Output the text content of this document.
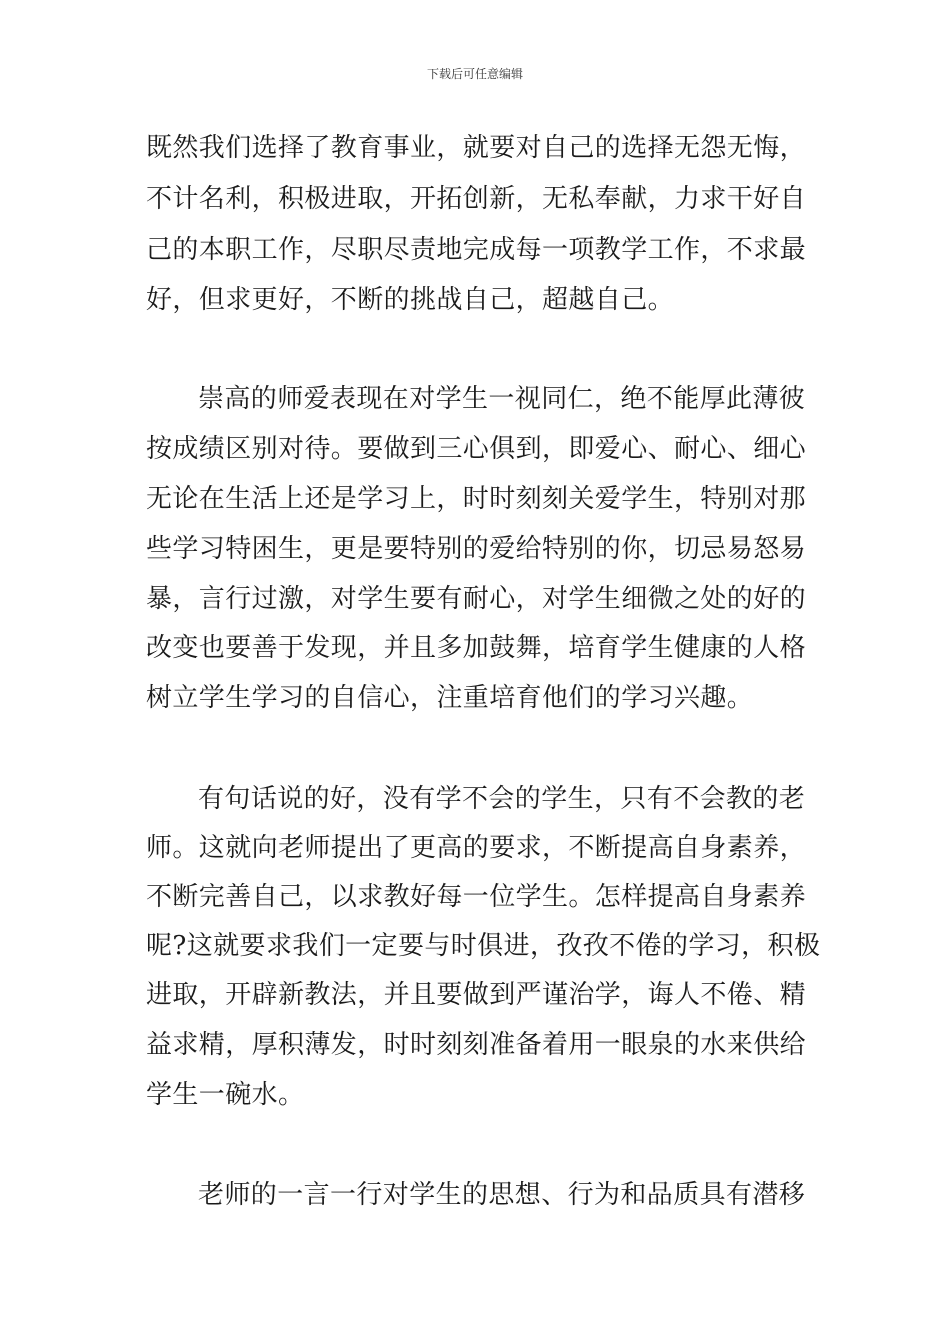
下载后可任意编辑
既然我们选择了教育事业，就要对自己的选择无怨无悔，
不计名利，积极进取，开拓创新，无私奉献，力求干好自
己的本职工作，尽职尽责地完成每一项教学工作，不求最
好，但求更好，不断的挑战自己，超越自己。
崇高的师爱表现在对学生一视同仁，绝不能厚此薄彼
按成绩区别对待。要做到三心俱到，即爱心、耐心、细心
无论在生活上还是学习上，时时刻刻关爱学生，特别对那
些学习特困生，更是要特别的爱给特别的你，切忌易怒易
暴，言行过激，对学生要有耐心，对学生细微之处的好的
改变也要善于发现，并且多加鼓舞，培育学生健康的人格
树立学生学习的自信心，注重培育他们的学习兴趣。
有句话说的好，没有学不会的学生，只有不会教的老
师。这就向老师提出了更高的要求，不断提高自身素养，
不断完善自己，以求教好每一位学生。怎样提高自身素养
呢?这就要求我们一定要与时俱进，孜孜不倦的学习，积极
进取，开辟新教法，并且要做到严谨治学，诲人不倦、精
益求精，厚积薄发，时时刻刻准备着用一眼泉的水来供给
学生一碗水。
老师的一言一行对学生的思想、行为和品质具有潜移
